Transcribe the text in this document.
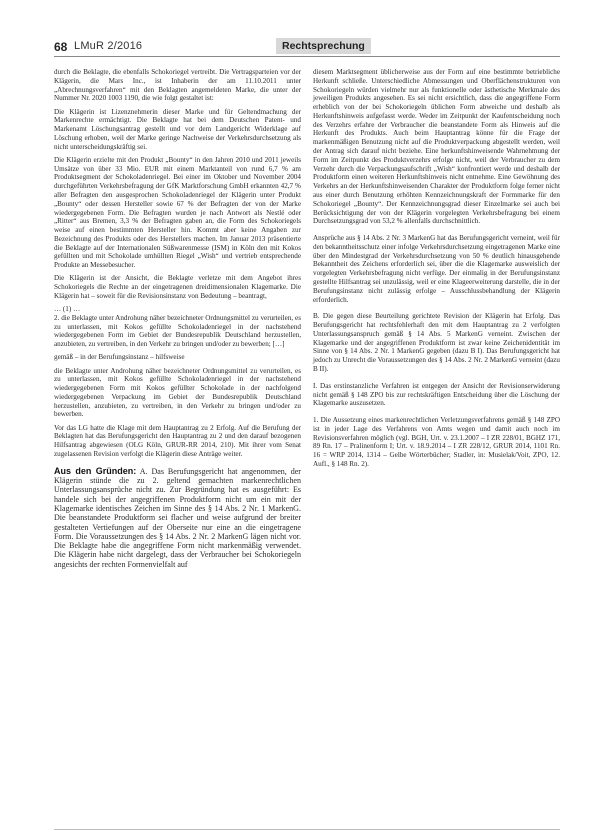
68 LMuR 2/2016	Rechtsprechung

durch die Beklagte, die ebenfalls Schokoriegel vertreibt. Die Vertragsparteien vor der Klägerin, die Mars Inc., ist Inhaberin der am 11.10.2011 unter „Abrechnungsverfahren“ mit den Beklagten angemeldeten Marke, die unter der Nummer Nr. 2020 1003 1190, die wie folgt gestaltet ist:

Die Klägerin ist Lizenznehmerin dieser Marke und für Geltendmachung der Markenrechte ermächtigt. Die Beklagte hat bei dem Deutschen Patent- und Markenamt Löschungsantrag gestellt und vor dem Landgericht Widerklage auf Löschung erhoben, weil der Marke geringe Nachweise der Verkehrsdurchsetzung als nicht unterscheidungskräftig sei.

Die Klägerin erzielte mit den Produkt „Bounty“ in den Jahren 2010 und 2011 jeweils Umsätze von über 33 Mio. EUR mit einem Marktanteil von rund 6,7 % am Produktsegment der Schokoladenriegel. Bei einer im Oktober und November 2004 durchgeführten Verkehrsbefragung der GfK Marktforschung GmbH erkannten 42,7 % aller Befragten den ausgesprochen Schokoladenriegel der Klägerin unter Produkt „Bounty“ oder dessen Hersteller sowie 67 % der Befragten der von der Marke wiedergegebenen Form. Die Befragten wurden je nach Antwort als Nestlé oder „Ritter“ aus Bremen, 3,3 % der Befragten gaben an, die Form des Schokoriegels weise auf einen bestimmten Hersteller hin. Kommt aber keine Angaben zur Bezeichnung des Produkts oder des Herstellers machen. Im Januar 2013 präsentierte die Beklagte auf der Internationalen Süßwarenmesse (ISM) in Köln den mit Kokos gefüllten und mit Schokolade umhüllten Riegel „Wish“ und vertrieb entsprechende Produkte an Messebesucher.

Die Klägerin ist der Ansicht, die Beklagte verletze mit dem Angebot ihres Schokoriegels die Rechte an der eingetragenen dreidimensionalen Klagemarke. Die Klägerin hat – soweit für die Revisionsinstanz von Bedeutung – beantragt,

… (1) …

2. die Beklagte unter Androhung näher bezeichneter Ordnungsmittel zu verurteilen, es zu unterlassen, mit Kokos gefüllte Schokoladenriegel in der nachstehend wiedergegebenen Form im Gebiet der Bundesrepublik Deutschland herzustellen, anzubieten, zu vertreiben, in den Verkehr zu bringen und/oder zu bewerben; […]

gemäß – in der Berufungsinstanz – hilfsweise

die Beklagte unter Androhung näher bezeichneter Ordnungsmittel zu verurteilen, es zu unterlassen, mit Kokos gefüllte Schokoladenriegel in der nachstehend wiedergegebenen Form mit Kokos gefüllter Schokolade in der nachfolgend wiedergegebenen Verpackung im Gebiet der Bundesrepublik Deutschland herzustellen, anzubieten, zu vertreiben, in den Verkehr zu bringen und/oder zu bewerben.

Vor das LG hatte die Klage mit dem Hauptantrag zu 2 Erfolg. Auf die Berufung der Beklagten hat das Berufungsgericht den Hauptantrag zu 2 und den darauf bezogenen Hilfsantrag abgewiesen (OLG Köln, GRUR-RR 2014, 210). Mit ihrer vom Senat zugelassenen Revision verfolgt die Klägerin diese Anträge weiter.

Aus den Gründen: A. Das Berufungsgericht hat angenommen, der Klägerin stünde die zu 2. geltend gemachten markenrechtlichen Unterlassungsansprüche nicht zu. Zur Begründung hat es ausgeführt: Es handele sich bei der angegriffenen Produktform nicht um ein mit der Klagemarke identisches Zeichen im Sinne des § 14 Abs. 2 Nr. 1 MarkenG. Die beanstandete Produktform sei flacher und weise aufgrund der breiter gestalteten Vertiefungen auf der Oberseite nur eine an die eingetragene Form. Die Voraussetzungen des § 14 Abs. 2 Nr. 2 MarkenG lägen nicht vor. Die Beklagte habe die angegriffene Form nicht markenmäßig verwendet. Die Klägerin habe nicht dargelegt, dass der Verbraucher bei Schokoriegeln angesichts der rechten Formenvielfalt auf

diesem Marktsegment üblicherweise aus der Form auf eine bestimmte betriebliche Herkunft schließe. Unterschiedliche Abmessungen und Oberflächenstrukturen von Schokoriegeln würden vielmehr nur als funktionelle oder ästhetische Merkmale des jeweiligen Produkts angesehen. Es sei nicht ersichtlich, dass die angegriffene Form erheblich von der bei Schokoriegeln üblichen Form abweiche und deshalb als Herkunftshinweis aufgefasst werde. Weder im Zeitpunkt der Kaufentscheidung noch des Verzehrs erfahre der Verbraucher die beanstandete Form als Hinweis auf die Herkunft des Produkts. Auch beim Hauptantrag könne für die Frage der markenmäßigen Benutzung nicht auf die Produktverpackung abgestellt werden, weil der Antrag sich darauf nicht beziehe. Eine herkunftshinweisende Wahrnehmung der Form im Zeitpunkt des Produktverzehrs erfolge nicht, weil der Verbraucher zu dem Verzehr durch die Verpackungsaufschrift „Wish“ konfrontiert werde und deshalb der Produktform einen weiteren Herkunftshinweis nicht entnehme. Eine Gewöhnung des Verkehrs an der Herkunftshinweisenden Charakter der Produktform folge ferner nicht aus einer durch Benutzung erhöhten Kennzeichnungskraft der Formmarke für den Schokoriegel „Bounty“. Der Kennzeichnungsgrad dieser Einzelmarke sei auch bei Berücksichtigung der von der Klägerin vorgelegten Verkehrsbefragung bei einem Durchsetzungsgrad von 53,2 % allenfalls durchschnittlich.

Ansprüche aus § 14 Abs. 2 Nr. 3 MarkenG hat das Berufungsgericht verneint, weil für den bekanntheitsschutz einer infolge Verkehrsdurchsetzung eingetragenen Marke eine über den Mindestgrad der Verkehrsdurchsetzung von 50 % deutlich hinausgehende Bekanntheit des Zeichens erforderlich sei, über die die Klagemarke ausweislich der vorgelegten Verkehrsbefragung nicht verfüge. Der einmalig in der Berufungsinstanz gestellte Hilfsantrag sei unzulässig, weil er eine Klageerweiterung darstelle, die in der Berufungsinstanz nicht zulässig erfolge – Ausschlussbehandlung der Klägerin erforderlich.

B. Die gegen diese Beurteilung gerichtete Revision der Klägerin hat Erfolg. Das Berufungsgericht hat rechtsfehlerhaft den mit dem Hauptantrag zu 2 verfolgten Unterlassungsanspruch gemäß § 14 Abs. 5 MarkenG verneint. Zwischen der Klagemarke und der angegriffenen Produktform ist zwar keine Zeichenidentität im Sinne von § 14 Abs. 2 Nr. 1 MarkenG gegeben (dazu B I). Das Berufungsgericht hat jedoch zu Unrecht die Voraussetzungen des § 14 Abs. 2 Nr. 2 MarkenG verneint (dazu B II).

I. Das erstinstanzliche Verfahren ist entgegen der Ansicht der Revisionserwiderung nicht gemäß § 148 ZPO bis zur rechtskräftigen Entscheidung über die Löschung der Klagemarke auszusetzen.

1. Die Aussetzung eines markenrechtlichen Verletzungsverfahrens gemäß § 148 ZPO ist in jeder Lage des Verfahrens von Amts wegen und damit auch noch im Revisionsverfahren möglich (vgl. BGH, Urt. v. 23.1.2007 – I ZR 228/01, BGHZ 171, 89 Rn. 17 – Pralinenform I; Urt. v. 18.9.2014 – I ZR 228/12, GRUR 2014, 1101 Rn. 16 = WRP 2014, 1314 – Gelbe Wörterbücher; Stadler, in: Musielak/Voit, ZPO, 12. Aufl., § 148 Rn. 2).
